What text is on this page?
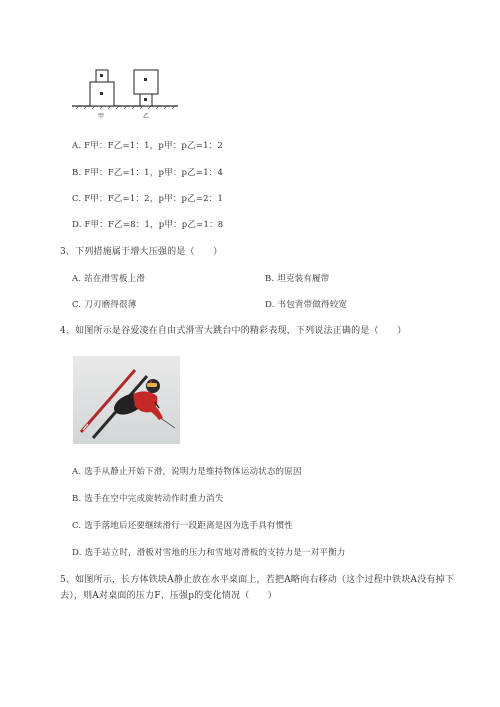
甲	乙
A. F甲：F乙=1：1，p甲：p乙=1：2
B. F甲：F乙=1：1，p甲：p乙=1：4
C. F甲：F乙=1：2，p甲：p乙=2：1
D. F甲：F乙=8：1，p甲：p乙=1：8
3、下列措施属于增大压强的是（　　）
A. 站在滑雪板上滑	B. 坦克装有履带
C. 刀刃磨得很薄	D. 书包背带做得较宽
4、如图所示是谷爱凌在自由式滑雪大跳台中的精彩表现，下列说法正确的是（　　）
A. 选手从静止开始下滑，说明力是维持物体运动状态的原因
B. 选手在空中完成旋转动作时重力消失
C. 选手落地后还要继续滑行一段距离是因为选手具有惯性
D. 选手站立时，滑板对雪地的压力和雪地对滑板的支持力是一对平衡力
5、如图所示，长方体铁块A静止放在水平桌面上，若把A略向右移动（这个过程中铁块A没有掉下
去），则A对桌面的压力F、压强p的变化情况（　　）
